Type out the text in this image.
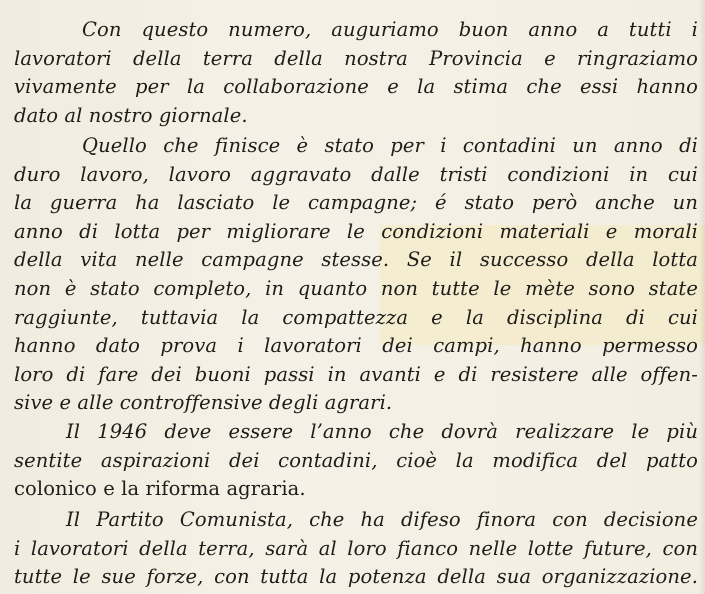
Con questo numero, auguriamo buon anno a tutti i
lavoratori della terra della nostra Provincia e ringraziamo
vivamente per la collaborazione e la stima che essi hanno
dato al nostro giornale.
Quello che finisce è stato per i contadini un anno di
duro lavoro, lavoro aggravato dalle tristi condizioni in cui
la guerra ha lasciato le campagne; é stato però anche un
anno di lotta per migliorare le condizioni materiali e morali
della vita nelle campagne stesse. Se il successo della lotta
non è stato completo, in quanto non tutte le mète sono state
raggiunte, tuttavia la compattezza e la disciplina di cui
hanno dato prova i lavoratori dei campi, hanno permesso
loro di fare dei buoni passi in avanti e di resistere alle offen-
sive e alle controffensive degli agrari.
Il 1946 deve essere l’anno che dovrà realizzare le più
sentite aspirazioni dei contadini, cioè la modifica del patto
colonico e la riforma agraria.
Il Partito Comunista, che ha difeso finora con decisione
i lavoratori della terra, sarà al loro fianco nelle lotte future, con
tutte le sue forze, con tutta la potenza della sua organizzazione.
